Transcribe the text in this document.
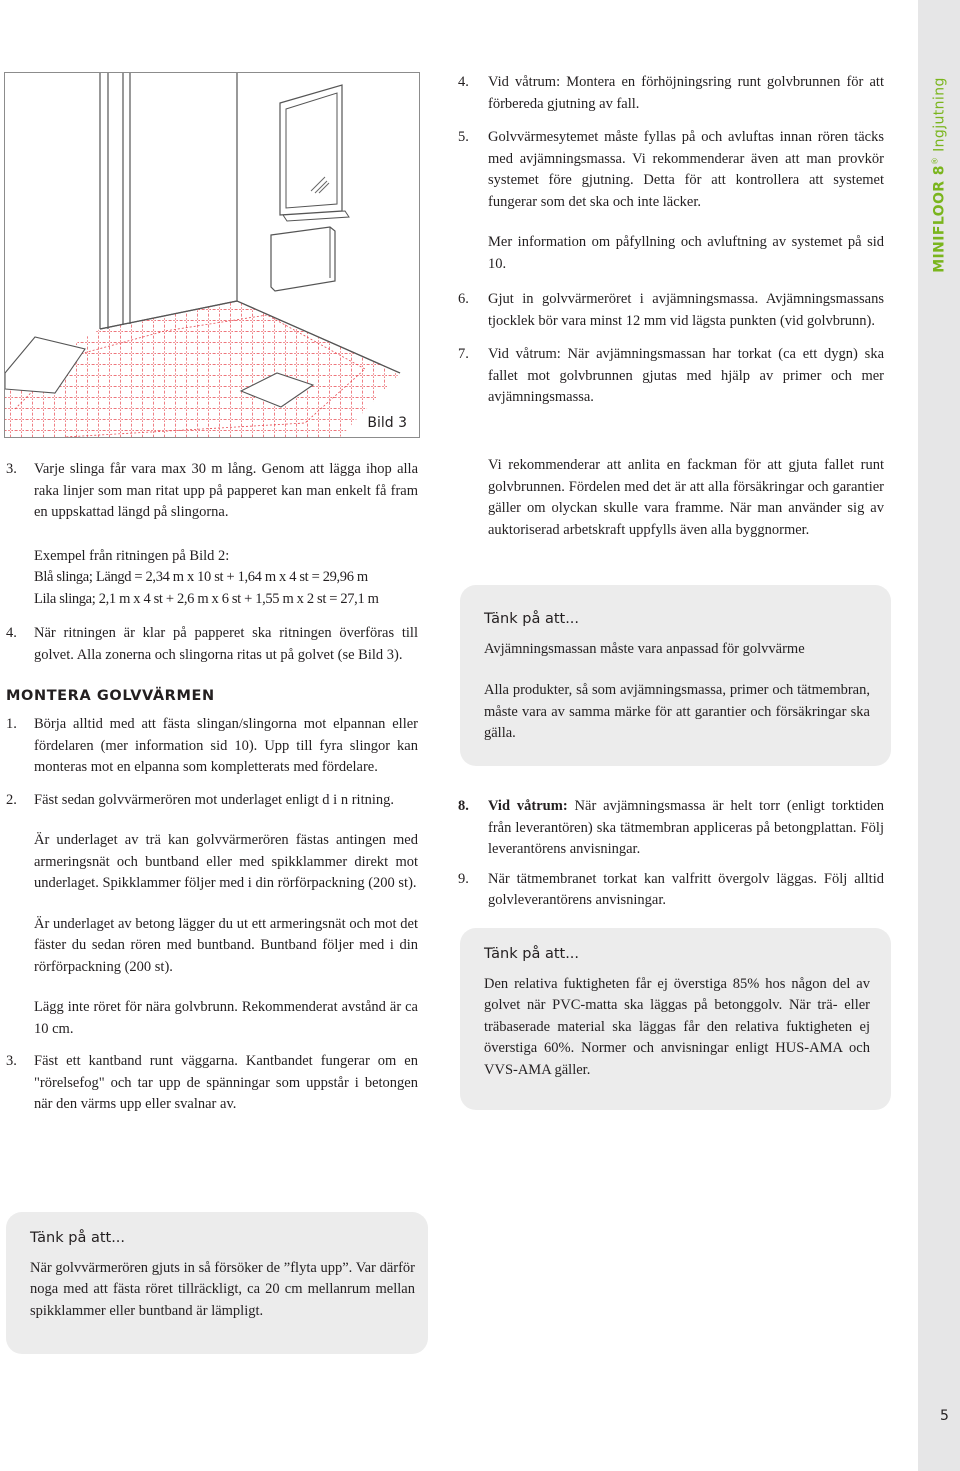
MINIFLOOR 8® Ingjutning
5
Bild 3

4. Vid våtrum: Montera en förhöjningsring runt golvbrunnen för att förbereda gjutning av fall.

5. Golvvärmesytemet måste fyllas på och avluftas innan rören täcks med avjämningsmassa. Vi rekommenderar även att man provkör systemet före gjutning. Detta för att kontrollera att systemet fungerar som det ska och inte läcker.

Mer information om påfyllning och avluftning av systemet på sid 10.

6. Gjut in golvvärmeröret i avjämningsmassa. Avjämningsmassans tjocklek bör vara minst 12 mm vid lägsta punkten (vid golvbrunn).

7. Vid våtrum: När avjämningsmassan har torkat (ca ett dygn) ska fallet mot golvbrunnen gjutas med hjälp av primer och mer avjämningsmassa.

3. Varje slinga får vara max 30 m lång. Genom att lägga ihop alla raka linjer som man ritat upp på papperet kan man enkelt få fram en uppskattad längd på slingorna.

Exempel från ritningen på Bild 2:

Blå slinga; Längd = 2,34 m x 10 st + 1,64 m x 4 st = 29,96 m

Lila slinga; 2,1 m x 4 st + 2,6 m x 6 st + 1,55 m x 2 st = 27,1 m

4. När ritningen är klar på papperet ska ritningen överföras till golvet. Alla zonerna och slingorna ritas ut på golvet (se Bild 3).

MONTERA GOLVVÄRMEN

1. Börja alltid med att fästa slingan/slingorna mot elpannan eller fördelaren (mer information sid 10). Upp till fyra slingor kan monteras mot en elpanna som kompletterats med fördelare.

2. Fäst sedan golvvärmerören mot underlaget enligt d i n ritning.

Är underlaget av trä kan golvvärmerören fästas antingen med armeringsnät och buntband eller med spikklammer direkt mot underlaget. Spikklammer följer med i din rörförpackning (200 st).

Är underlaget av betong lägger du ut ett armeringsnät och mot det fäster du sedan rören med buntband. Buntband följer med i din rörförpackning (200 st).

Lägg inte röret för nära golvbrunn. Rekommenderat avstånd är ca 10 cm.

3. Fäst ett kantband runt väggarna. Kantbandet fungerar om en "rörelsefog" och tar upp de spänningar som uppstår i betongen när den värms upp eller svalnar av.

Vi rekommenderar att anlita en fackman för att gjuta fallet runt golvbrunnen. Fördelen med det är att alla försäkringar och garantier gäller om olyckan skulle vara framme. När man använder sig av auktoriserad arbetskraft uppfylls även alla byggnormer.

Tänk på att...

Avjämningsmassan måste vara anpassad för golvvärme

Alla produkter, så som avjämningsmassa, primer och tätmembran, måste vara av samma märke för att garantier och försäkringar ska gälla.

8. Vid våtrum: När avjämningsmassa är helt torr (enligt torktiden från leverantören) ska tätmembran appliceras på betongplattan. Följ leverantörens anvisningar.

9. När tätmembranet torkat kan valfritt övergolv läggas. Följ alltid golvleverantörens anvisningar.

Tänk på att...

Den relativa fuktigheten får ej överstiga 85% hos någon del av golvet när PVC-matta ska läggas på betonggolv. När trä- eller träbaserade material ska läggas får den relativa fuktigheten ej överstiga 60%. Normer och anvisningar enligt HUS-AMA och VVS-AMA gäller.

Tänk på att...

När golvvärmerören gjuts in så försöker de ”flyta upp”. Var därför noga med att fästa röret tillräckligt, ca 20 cm mellanrum mellan spikklammer eller buntband är lämpligt.
